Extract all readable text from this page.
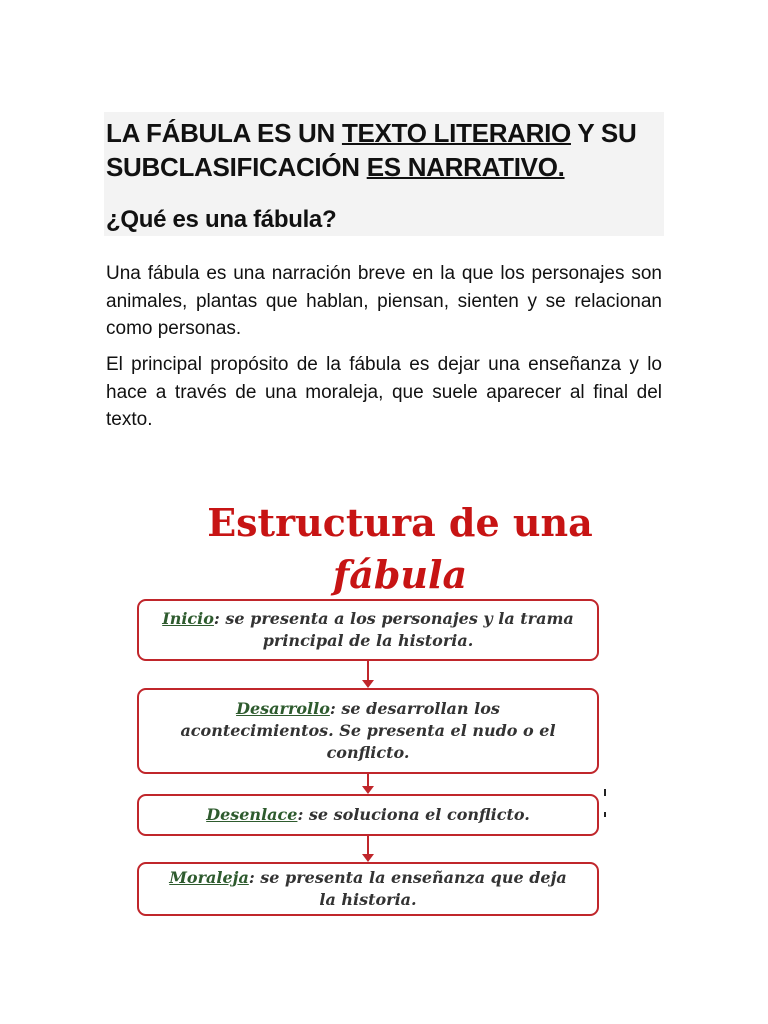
LA FÁBULA ES UN TEXTO LITERARIO Y SU SUBCLASIFICACIÓN ES NARRATIVO.
¿Qué es una fábula?

Una fábula es una narración breve en la que los personajes son animales, plantas que hablan, piensan, sienten y se relacionan como personas.

El principal propósito de la fábula es dejar una enseñanza y lo hace a través de una moraleja, que suele aparecer al final del texto.

Estructura de una
fábula
Inicio: se presenta a los personajes y la trama principal de la historia.
Desarrollo: se desarrollan los acontecimientos. Se presenta el nudo o el conflicto.
Desenlace: se soluciona el conflicto.
Moraleja: se presenta la enseñanza que deja la historia.
